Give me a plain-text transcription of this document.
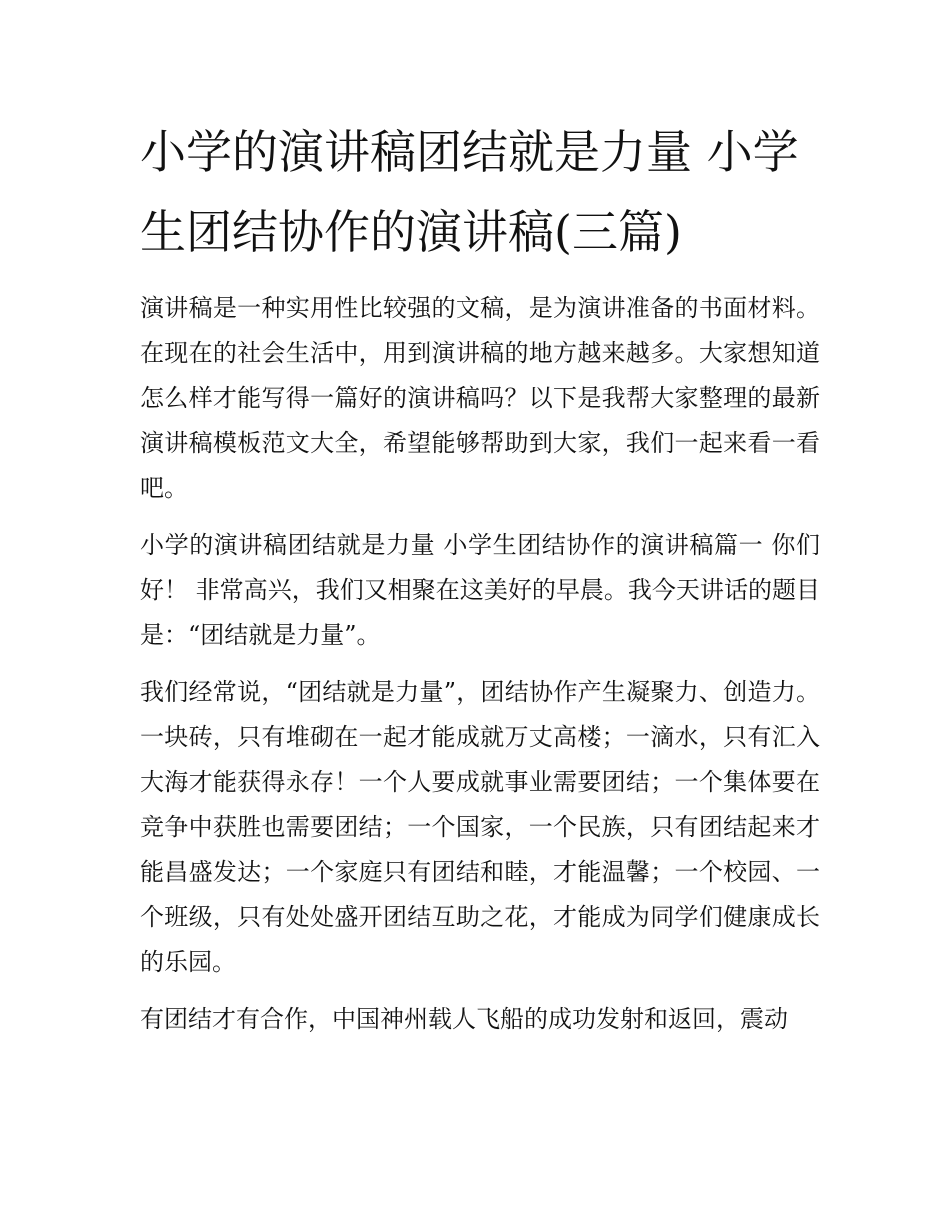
小学的演讲稿团结就是力量 小学生团结协作的演讲稿(三篇)

演讲稿是一种实用性比较强的文稿，是为演讲准备的书面材料。在现在的社会生活中，用到演讲稿的地方越来越多。大家想知道怎么样才能写得一篇好的演讲稿吗？以下是我帮大家整理的最新演讲稿模板范文大全，希望能够帮助到大家，我们一起来看一看吧。

小学的演讲稿团结就是力量 小学生团结协作的演讲稿篇一 你们好！ 非常高兴，我们又相聚在这美好的早晨。我今天讲话的题目是：“团结就是力量”。

我们经常说，“团结就是力量”，团结协作产生凝聚力、创造力。一块砖，只有堆砌在一起才能成就万丈高楼；一滴水，只有汇入大海才能获得永存！一个人要成就事业需要团结；一个集体要在竞争中获胜也需要团结；一个国家，一个民族，只有团结起来才能昌盛发达；一个家庭只有团结和睦，才能温馨；一个校园、一个班级，只有处处盛开团结互助之花，才能成为同学们健康成长的乐园。

有团结才有合作，中国神州载人飞船的成功发射和返回，震动
